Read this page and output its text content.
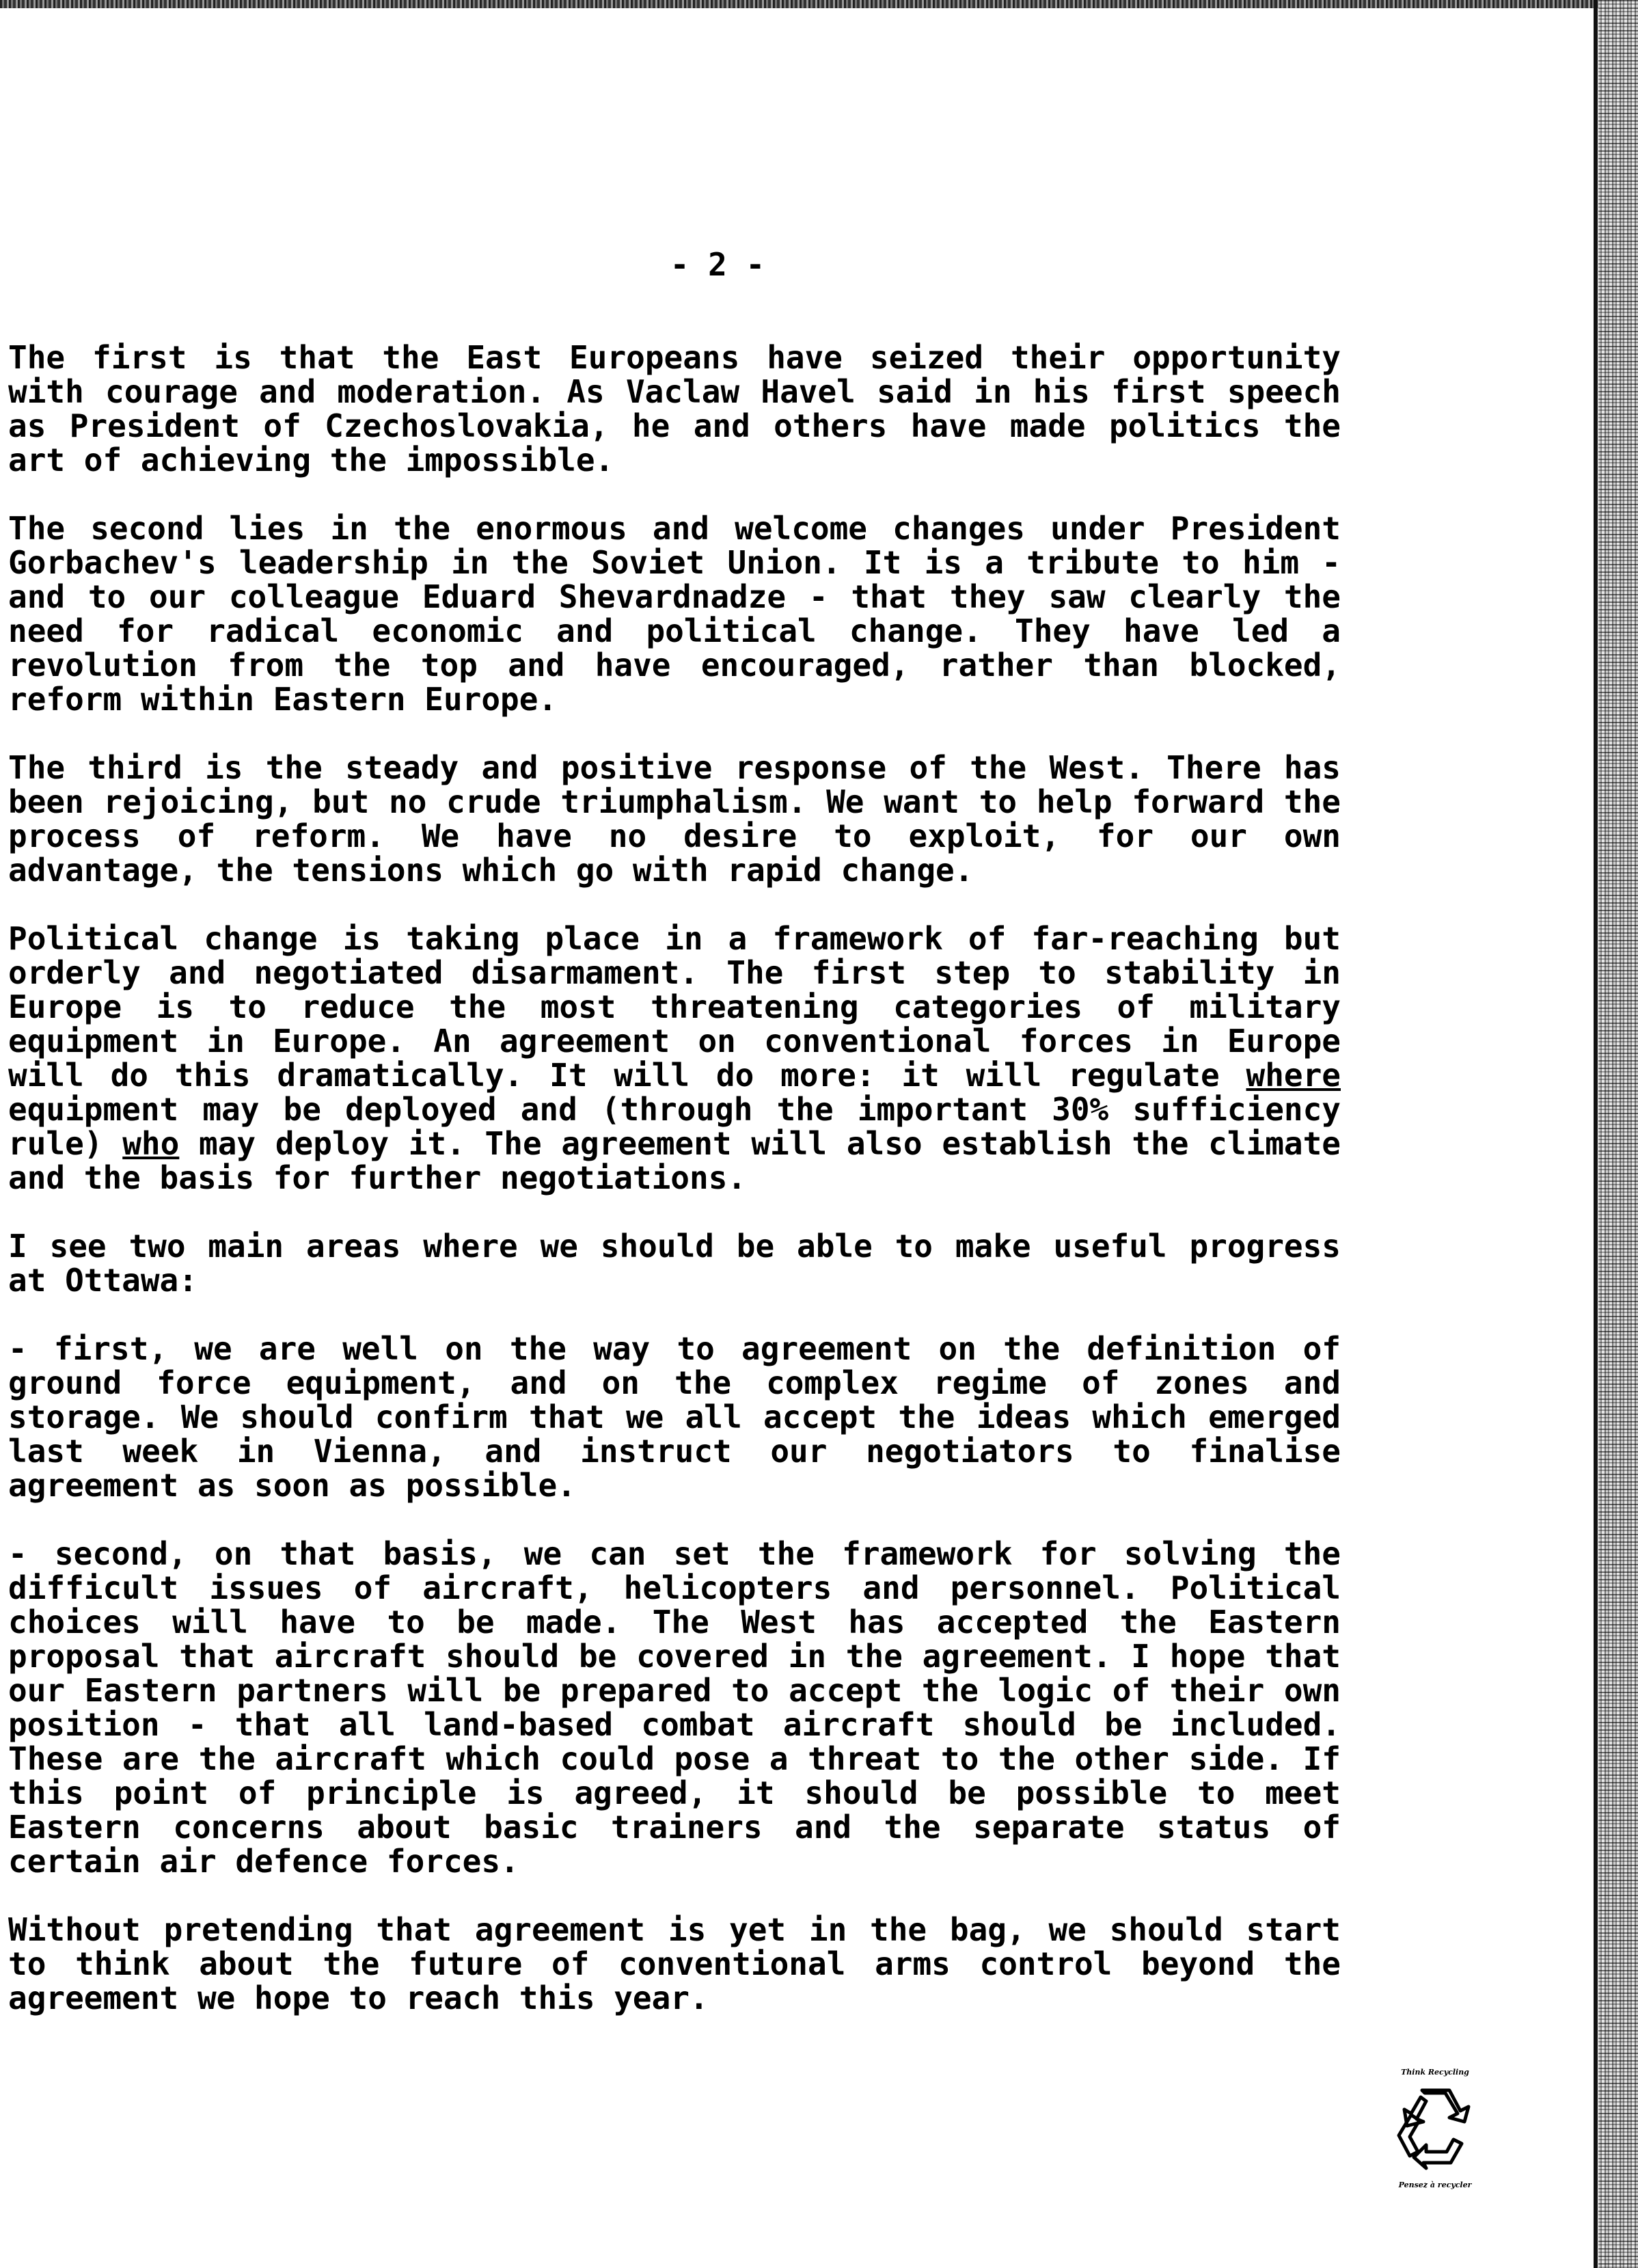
- 2 -

The first is that the East Europeans have seized their opportunity with courage and moderation. As Vaclaw Havel said in his first speech as President of Czechoslovakia, he and others have made politics the art of achieving the impossible.

The second lies in the enormous and welcome changes under President Gorbachev's leadership in the Soviet Union. It is a tribute to him - and to our colleague Eduard Shevardnadze - that they saw clearly the need for radical economic and political change. They have led a revolution from the top and have encouraged, rather than blocked, reform within Eastern Europe.

The third is the steady and positive response of the West. There has been rejoicing, but no crude triumphalism. We want to help forward the process of reform. We have no desire to exploit, for our own advantage, the tensions which go with rapid change.

Political change is taking place in a framework of far-reaching but orderly and negotiated disarmament. The first step to stability in Europe is to reduce the most threatening categories of military equipment in Europe. An agreement on conventional forces in Europe will do this dramatically. It will do more: it will regulate where equipment may be deployed and (through the important 30% sufficiency rule) who may deploy it. The agreement will also establish the climate and the basis for further negotiations.

I see two main areas where we should be able to make useful progress at Ottawa:

- first, we are well on the way to agreement on the definition of ground force equipment, and on the complex regime of zones and storage. We should confirm that we all accept the ideas which emerged last week in Vienna, and instruct our negotiators to finalise agreement as soon as possible.

- second, on that basis, we can set the framework for solving the difficult issues of aircraft, helicopters and personnel. Political choices will have to be made. The West has accepted the Eastern proposal that aircraft should be covered in the agreement. I hope that our Eastern partners will be prepared to accept the logic of their own position - that all land-based combat aircraft should be included. These are the aircraft which could pose a threat to the other side. If this point of principle is agreed, it should be possible to meet Eastern concerns about basic trainers and the separate status of certain air defence forces.

Without pretending that agreement is yet in the bag, we should start to think about the future of conventional arms control beyond the agreement we hope to reach this year.

Think Recycling
Pensez à recycler
